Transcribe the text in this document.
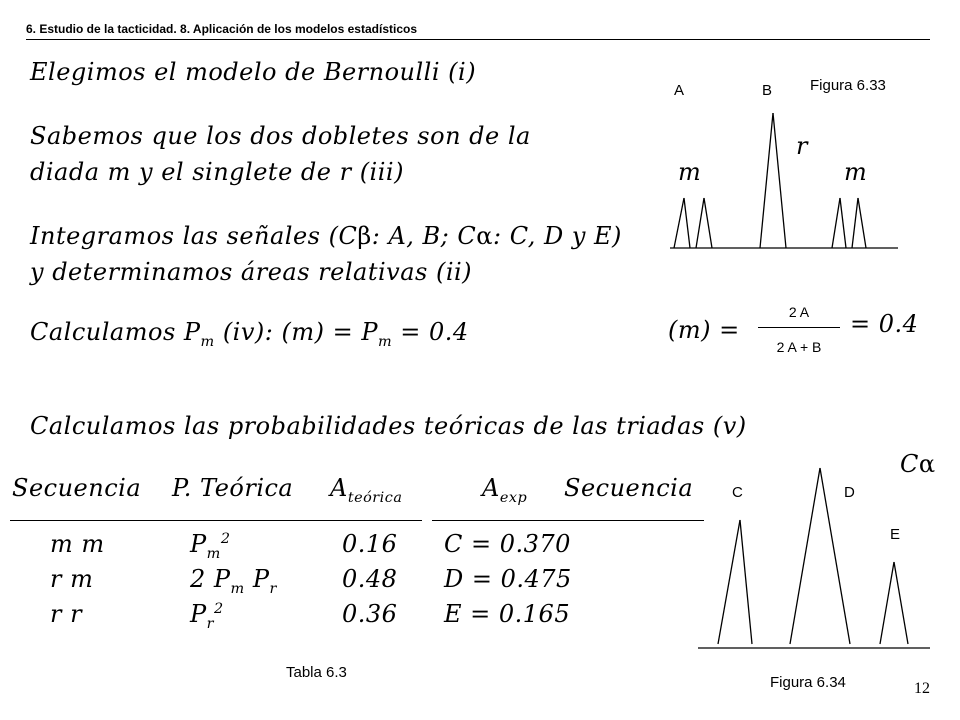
6. Estudio de la tacticidad. 8. Aplicación de los modelos estadísticos
Elegimos el modelo de Bernoulli (i)
Sabemos que los dos dobletes son de la
diada m y el singlete de r (iii)
Integramos las señales (Cβ: A, B; Cα: C, D y E)
y determinamos áreas relativas (ii)
Calculamos $P_m$ (iv): $(m) = P_m = 0.4$
Calculamos las probabilidades teóricas de las triadas (v)
A	B	Figura 6.33
r
m	m
(m) =
2 A
2 A + B
= 0.4
Secuencia P. Teórica $A_{teórica}$	$A_{exp}$ Secuencia
m m	$P_m^2$	0.16 C = 0.370
r m	2 $P_m$ $P_r$	0.48 D = 0.475
r r	$P_r^2$	0.36 E = 0.165
Tabla 6.3
Cα
C	D
E
Figura 6.34	12
